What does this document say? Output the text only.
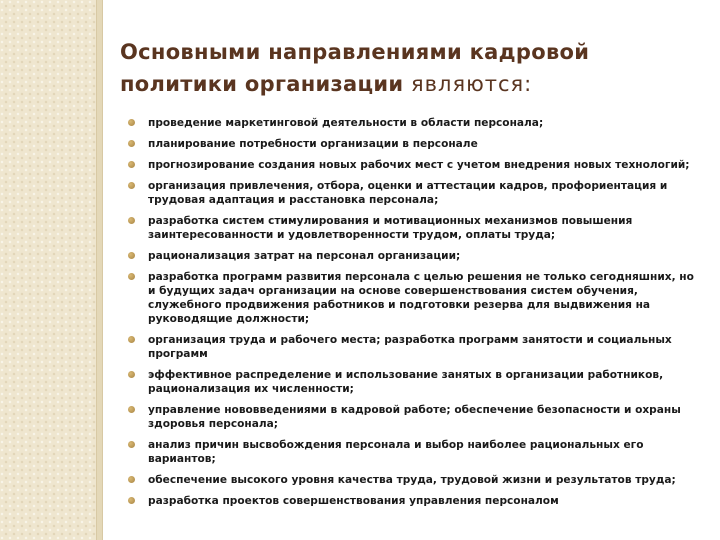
Основными направлениями кадровой политики организации являются:
проведение маркетинговой деятельности в области персонала;
планирование потребности организации в персонале
прогнозирование создания новых рабочих мест с учетом внедрения новых технологий;
организация привлечения, отбора, оценки и аттестации кадров, профориентация и трудовая адаптация и расстановка персонала;
разработка систем стимулирования и мотивационных механизмов повышения заинтересованности и удовлетворенности трудом, оплаты труда;
рационализация затрат на персонал организации;
разработка программ развития персонала с целью решения не только сегодняшних, но и будущих задач организации на основе совершенствования систем обучения, служебного продвижения работников и подготовки резерва для выдвижения на руководящие должности;
организация труда и рабочего места; разработка программ занятости и социальных программ
эффективное распределение и использование занятых в организации работников, рационализация их численности;
управление нововведениями в кадровой работе; обеспечение безопасности и охраны здоровья персонала;
анализ причин высвобождения персонала и выбор наиболее рациональных его вариантов;
обеспечение высокого уровня качества труда, трудовой жизни и результатов труда;
разработка проектов совершенствования управления персоналом
